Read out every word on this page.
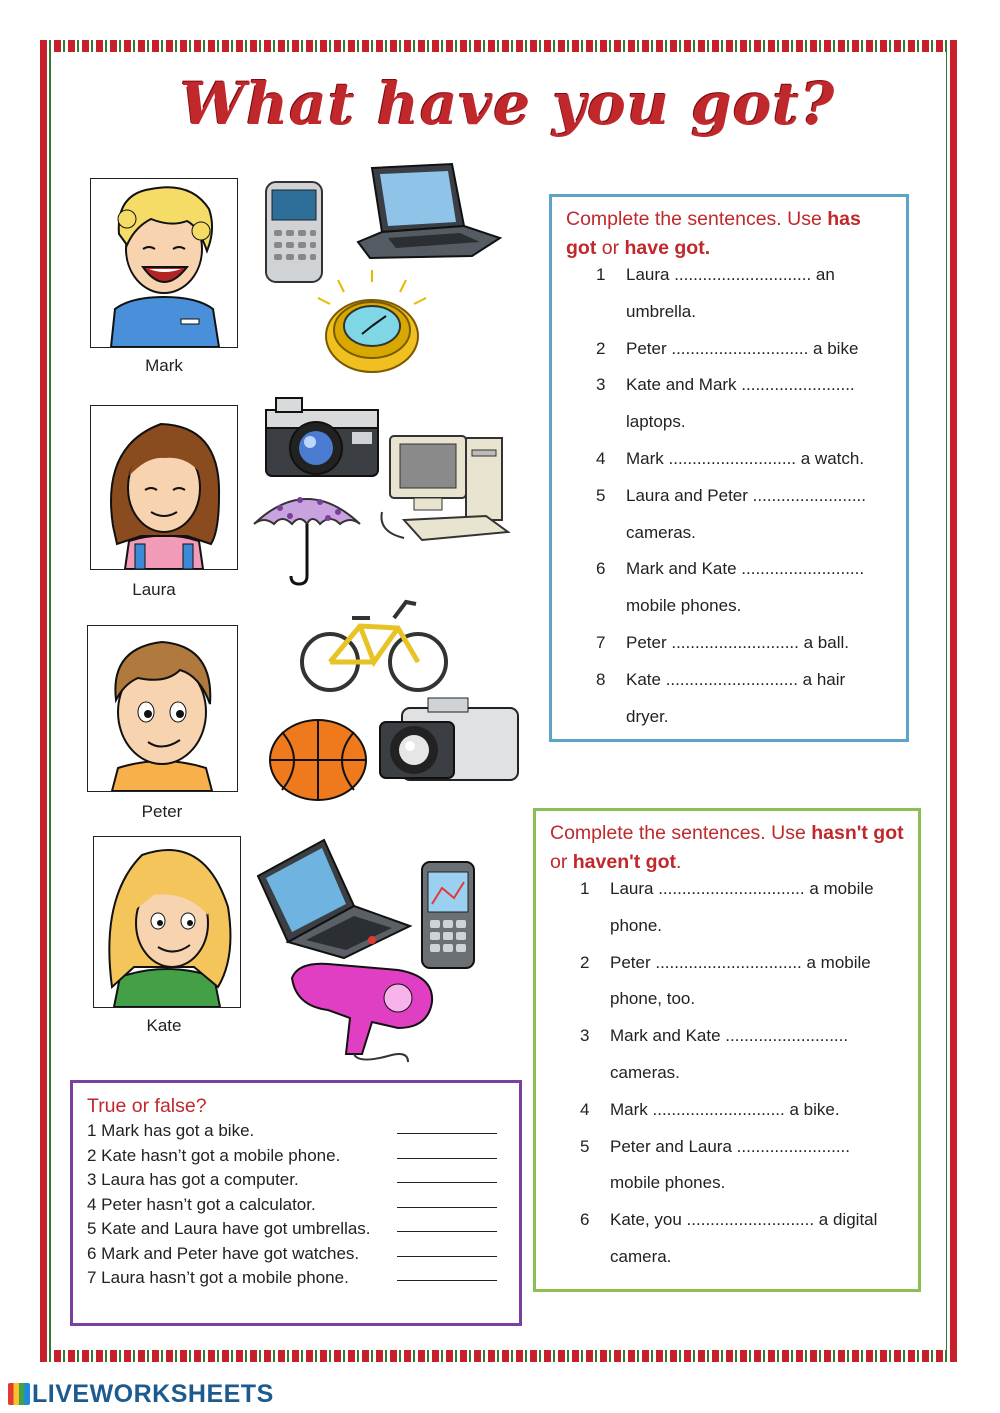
What have you got?
Mark
Laura
Peter
Kate
Complete the sentences. Use has got or have got.
1 Laura ............................. an
umbrella.
2 Peter ............................. a bike
3 Kate and Mark ........................
laptops.
4 Mark ........................... a watch.
5 Laura and Peter ........................
cameras.
6 Mark and Kate ..........................
mobile phones.
7 Peter ........................... a ball.
8 Kate ............................ a hair
dryer.
Complete the sentences. Use hasn't got or haven't got.
1 Laura ............................... a mobile
phone.
2 Peter ............................... a mobile
phone, too.
3 Mark and Kate ..........................
cameras.
4 Mark ............................ a bike.
5 Peter and Laura ........................
mobile phones.
6 Kate, you ........................... a digital
camera.
True or false?
1 Mark has got a bike.
2 Kate hasn’t got a mobile phone.
3 Laura has got a computer.
4 Peter hasn’t got a calculator.
5 Kate and Laura have got umbrellas.
6 Mark and Peter have got watches.
7 Laura hasn’t got a mobile phone.
LIVEWORKSHEETS
